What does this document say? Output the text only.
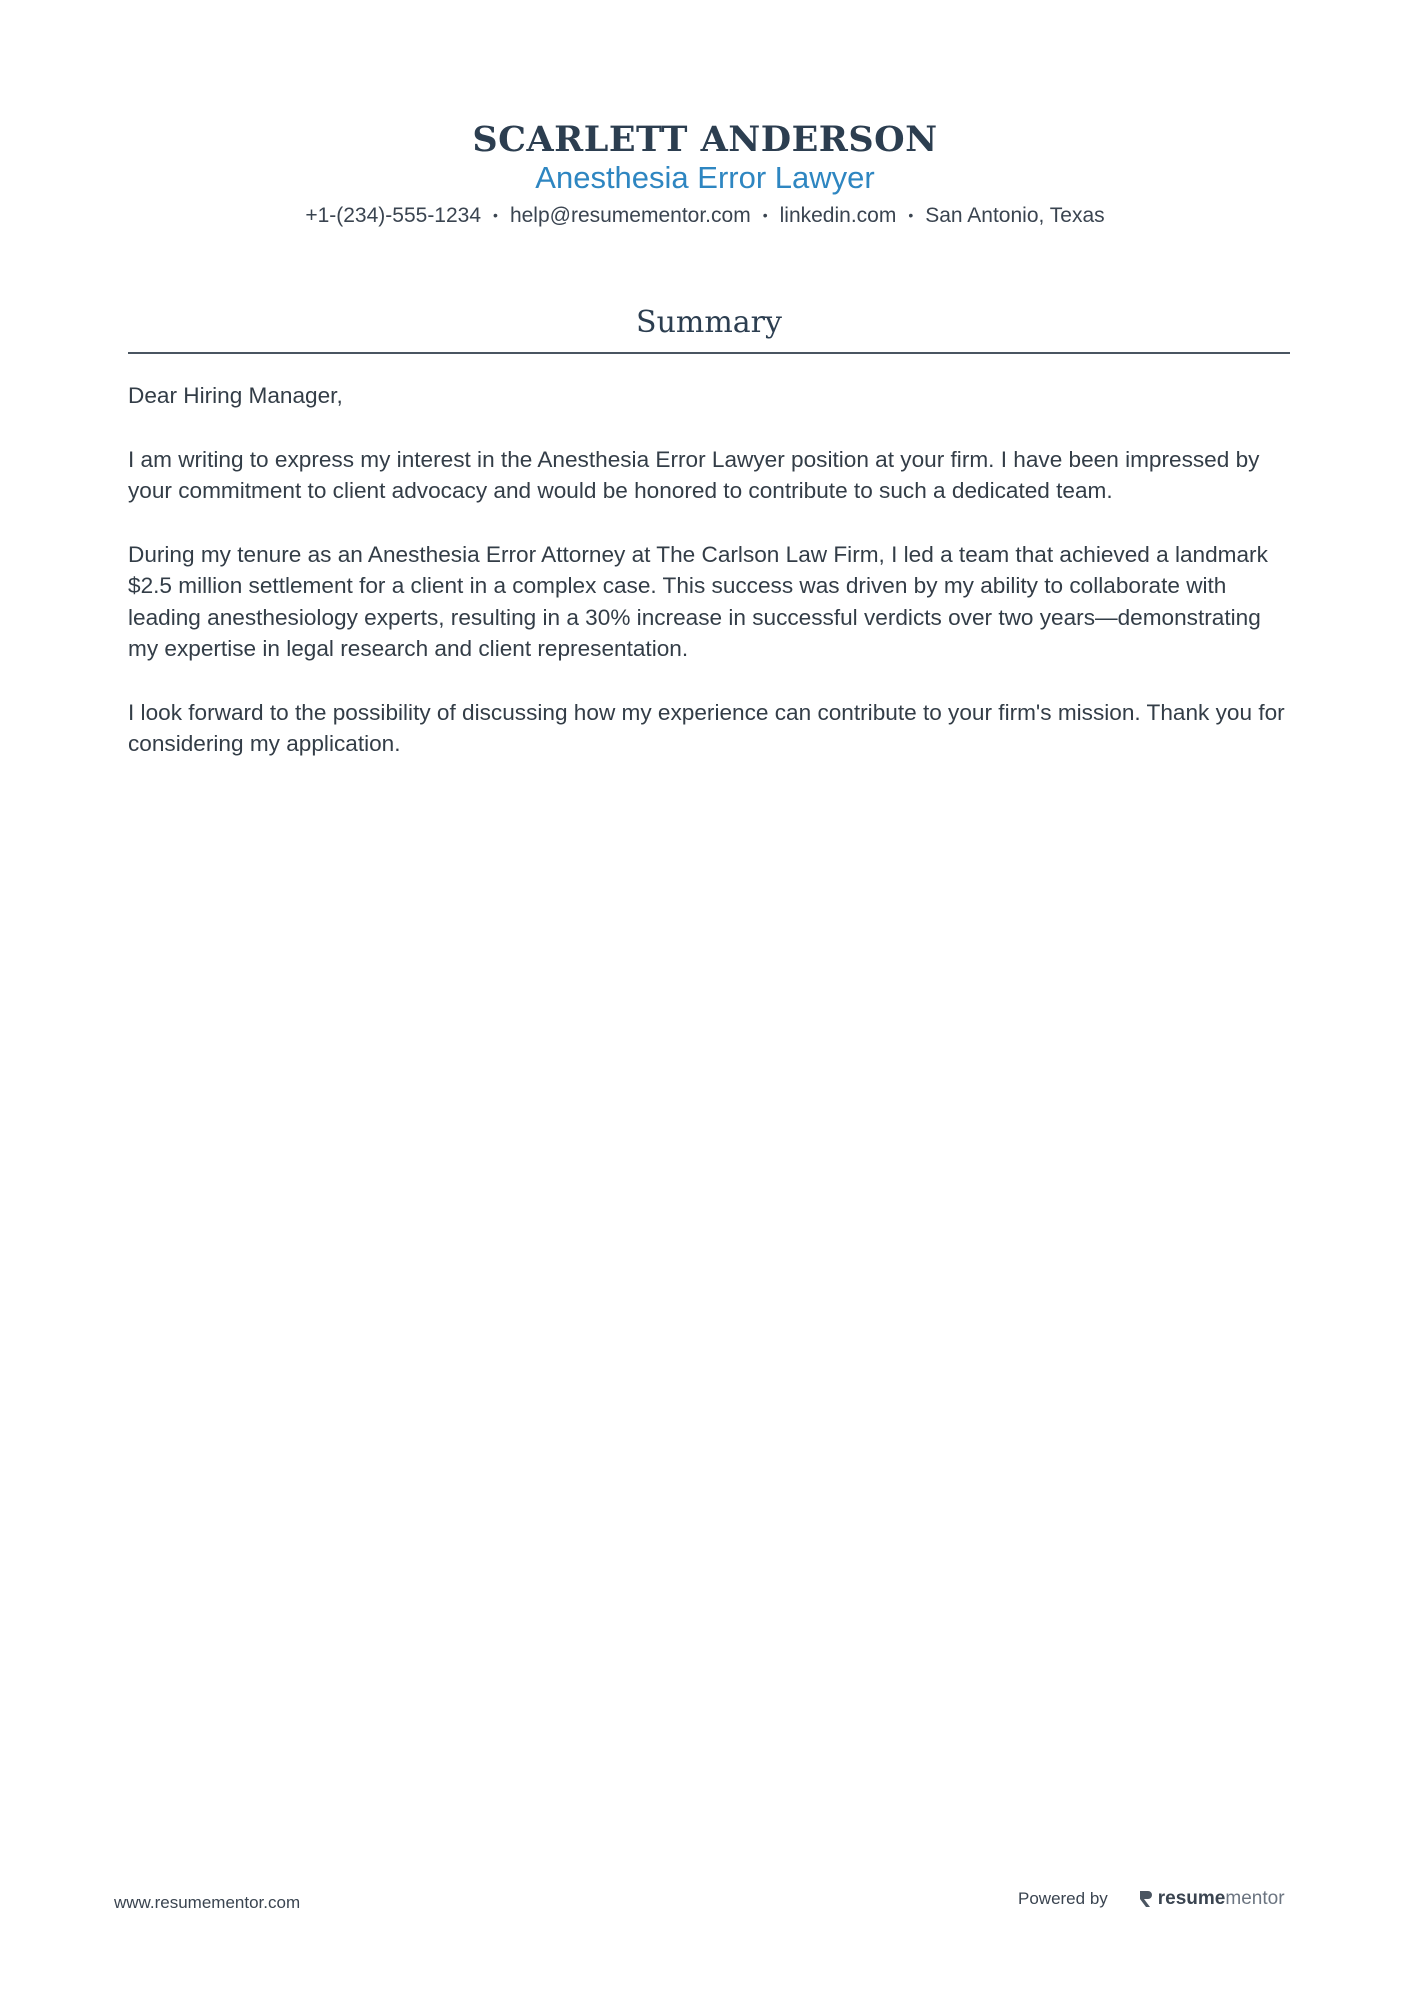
SCARLETT ANDERSON
Anesthesia Error Lawyer
+1-(234)-555-1234 • help@resumementor.com • linkedin.com • San Antonio, Texas
Summary

Dear Hiring Manager,

I am writing to express my interest in the Anesthesia Error Lawyer position at your firm. I have been impressed by your commitment to client advocacy and would be honored to contribute to such a dedicated team.

During my tenure as an Anesthesia Error Attorney at The Carlson Law Firm, I led a team that achieved a landmark $2.5 million settlement for a client in a complex case. This success was driven by my ability to collaborate with leading anesthesiology experts, resulting in a 30% increase in successful verdicts over two years—demonstrating my expertise in legal research and client representation.

I look forward to the possibility of discussing how my experience can contribute to your firm's mission. Thank you for considering my application.

www.resumementor.com	Powered by	resume mentor
